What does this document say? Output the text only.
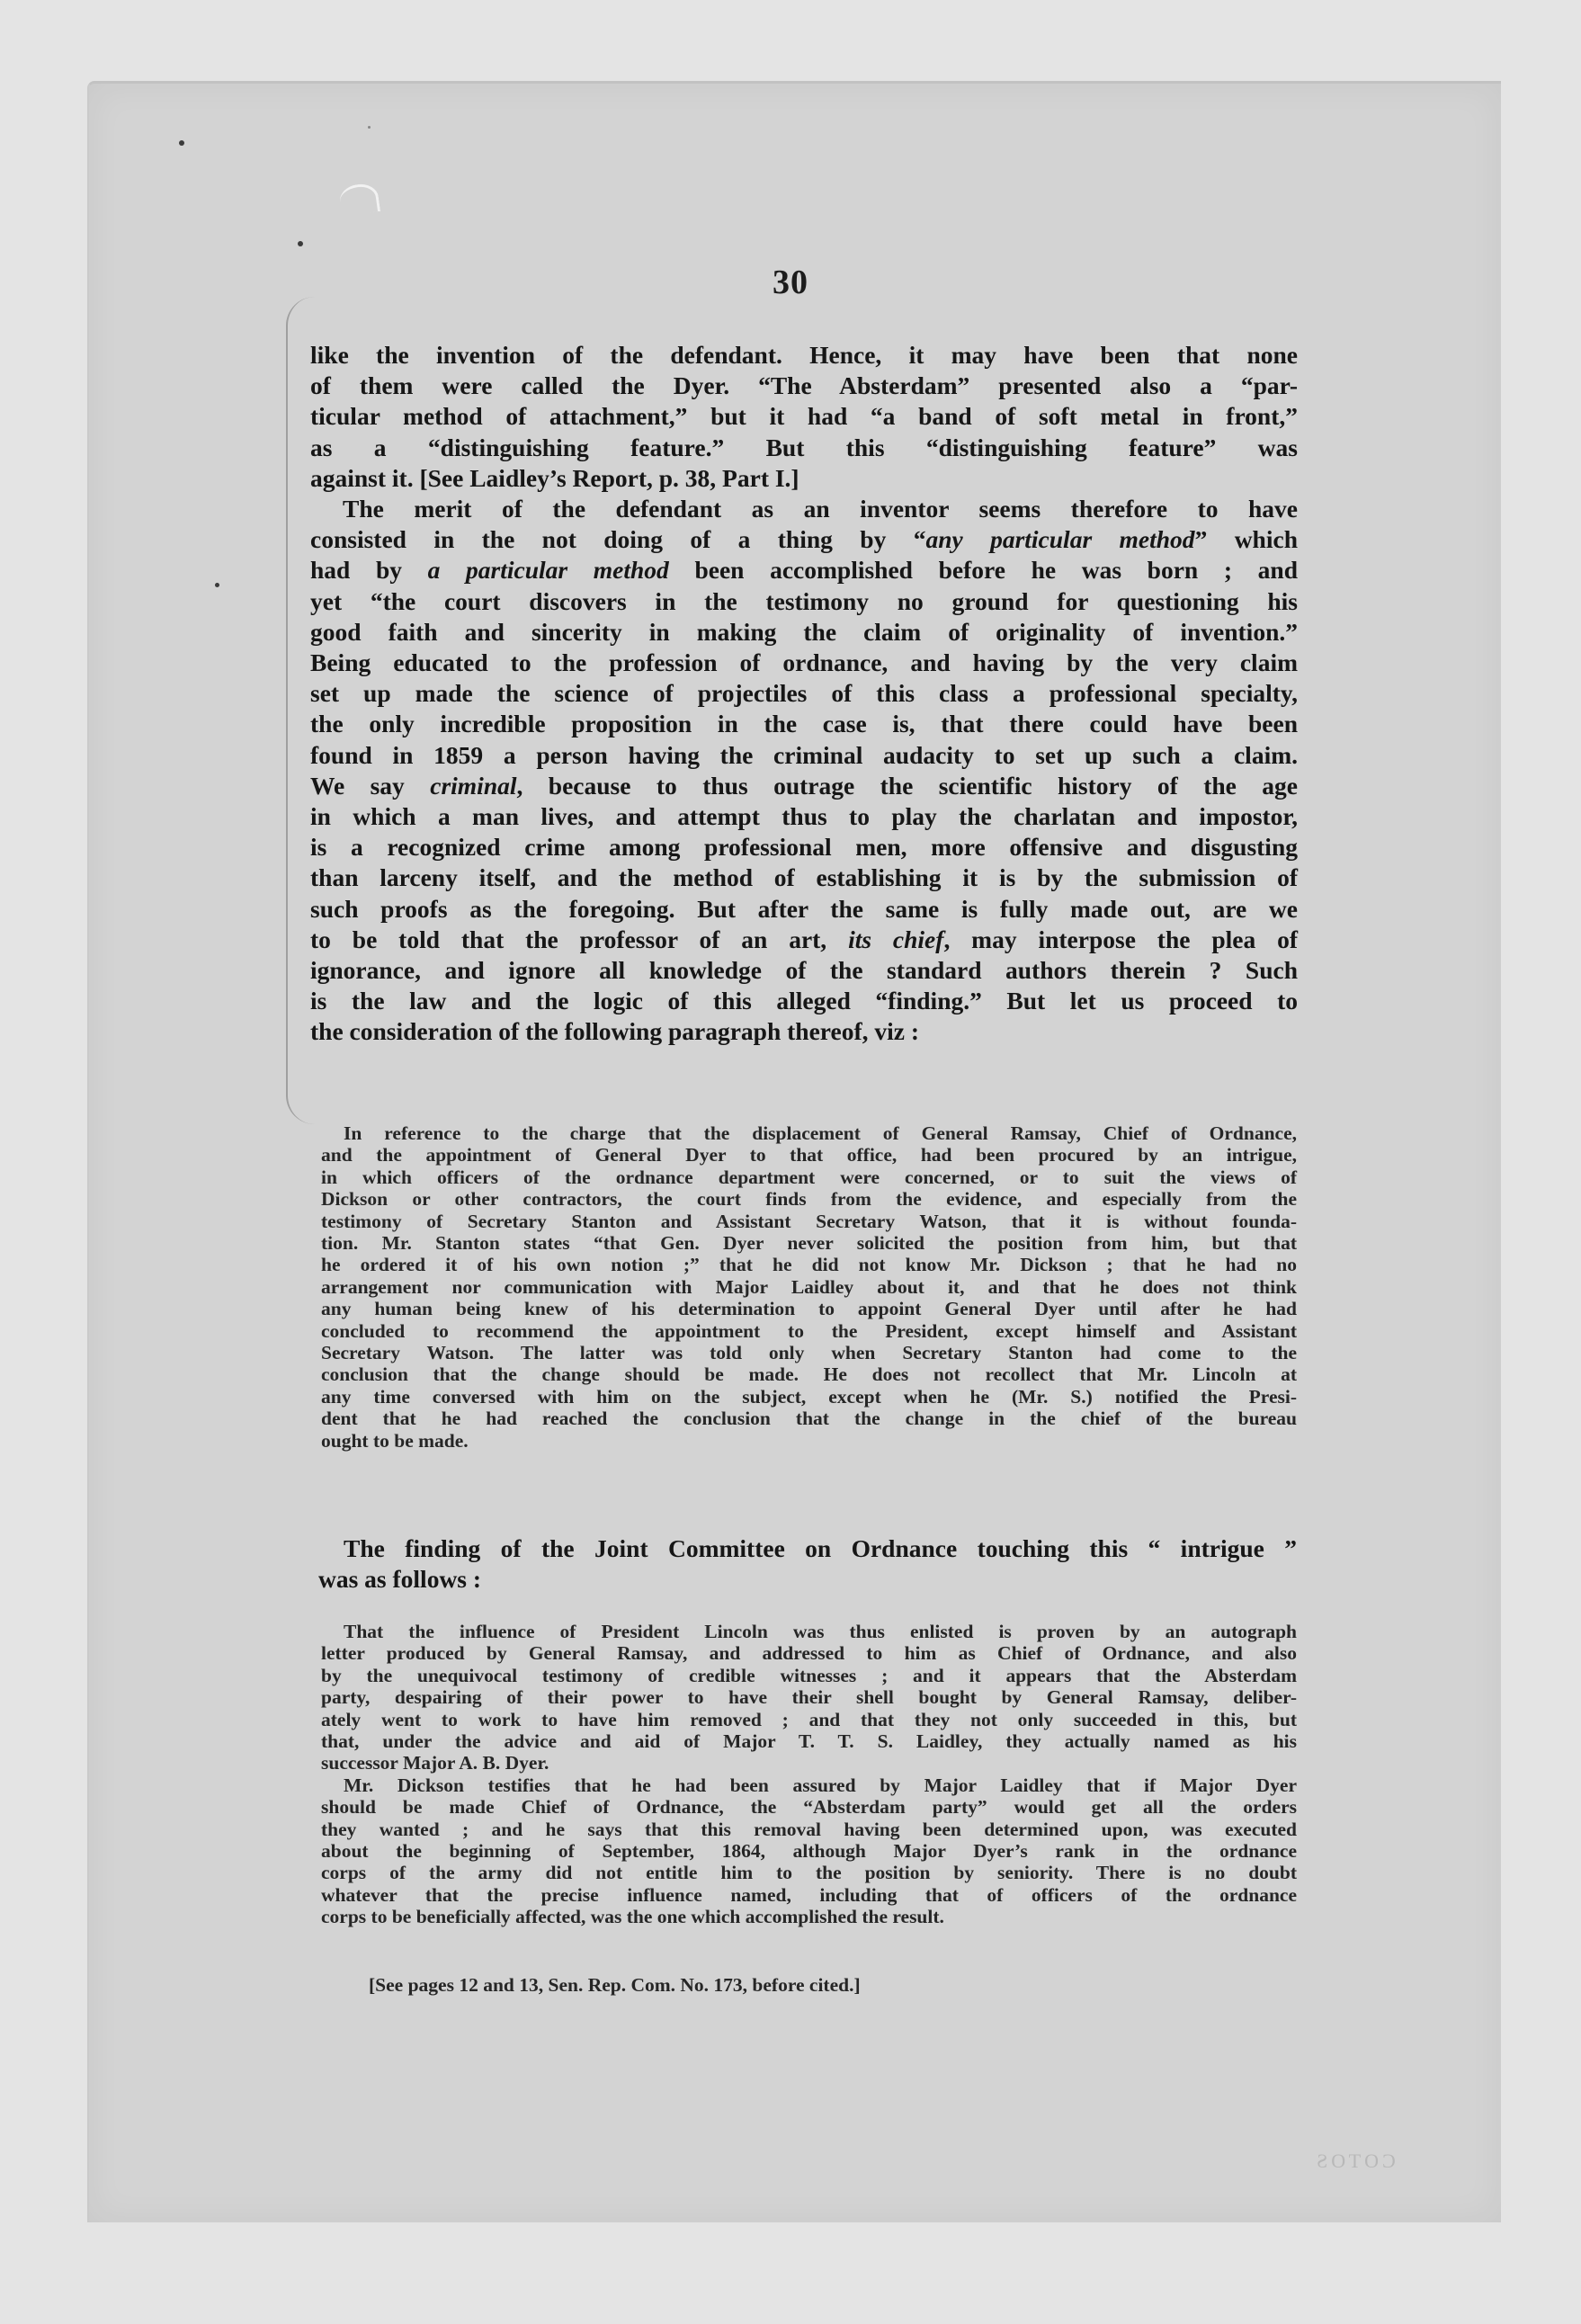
30
like the invention of the defendant. Hence, it may have been that none
of them were called the Dyer. “The Absterdam” presented also a “par-
ticular method of attachment,” but it had “a band of soft metal in front,”
as a “distinguishing feature.” But this “distinguishing feature” was
against it. [See Laidley’s Report, p. 38, Part I.]
The merit of the defendant as an inventor seems therefore to have
consisted in the not doing of a thing by “any particular method” which
had by a particular method been accomplished before he was born ; and
yet “the court discovers in the testimony no ground for questioning his
good faith and sincerity in making the claim of originality of invention.”
Being educated to the profession of ordnance, and having by the very claim
set up made the science of projectiles of this class a professional specialty,
the only incredible proposition in the case is, that there could have been
found in 1859 a person having the criminal audacity to set up such a claim.
We say criminal, because to thus outrage the scientific history of the age
in which a man lives, and attempt thus to play the charlatan and impostor,
is a recognized crime among professional men, more offensive and disgusting
than larceny itself, and the method of establishing it is by the submission of
such proofs as the foregoing. But after the same is fully made out, are we
to be told that the professor of an art, its chief, may interpose the plea of
ignorance, and ignore all knowledge of the standard authors therein ? Such
is the law and the logic of this alleged “finding.” But let us proceed to
the consideration of the following paragraph thereof, viz :
In reference to the charge that the displacement of General Ramsay, Chief of Ordnance,
and the appointment of General Dyer to that office, had been procured by an intrigue,
in which officers of the ordnance department were concerned, or to suit the views of
Dickson or other contractors, the court finds from the evidence, and especially from the
testimony of Secretary Stanton and Assistant Secretary Watson, that it is without founda-
tion. Mr. Stanton states “that Gen. Dyer never solicited the position from him, but that
he ordered it of his own notion ;” that he did not know Mr. Dickson ; that he had no
arrangement nor communication with Major Laidley about it, and that he does not think
any human being knew of his determination to appoint General Dyer until after he had
concluded to recommend the appointment to the President, except himself and Assistant
Secretary Watson. The latter was told only when Secretary Stanton had come to the
conclusion that the change should be made. He does not recollect that Mr. Lincoln at
any time conversed with him on the subject, except when he (Mr. S.) notified the Presi-
dent that he had reached the conclusion that the change in the chief of the bureau
ought to be made.
The finding of the Joint Committee on Ordnance touching this “ intrigue ”
was as follows :
That the influence of President Lincoln was thus enlisted is proven by an autograph
letter produced by General Ramsay, and addressed to him as Chief of Ordnance, and also
by the unequivocal testimony of credible witnesses ; and it appears that the Absterdam
party, despairing of their power to have their shell bought by General Ramsay, deliber-
ately went to work to have him removed ; and that they not only succeeded in this, but
that, under the advice and aid of Major T. T. S. Laidley, they actually named as his
successor Major A. B. Dyer.
Mr. Dickson testifies that he had been assured by Major Laidley that if Major Dyer
should be made Chief of Ordnance, the “Absterdam party” would get all the orders
they wanted ; and he says that this removal having been determined upon, was executed
about the beginning of September, 1864, although Major Dyer’s rank in the ordnance
corps of the army did not entitle him to the position by seniority. There is no doubt
whatever that the precise influence named, including that of officers of the ordnance
corps to be beneficially affected, was the one which accomplished the result.
[See pages 12 and 13, Sen. Rep. Com. No. 173, before cited.]
COTOS
